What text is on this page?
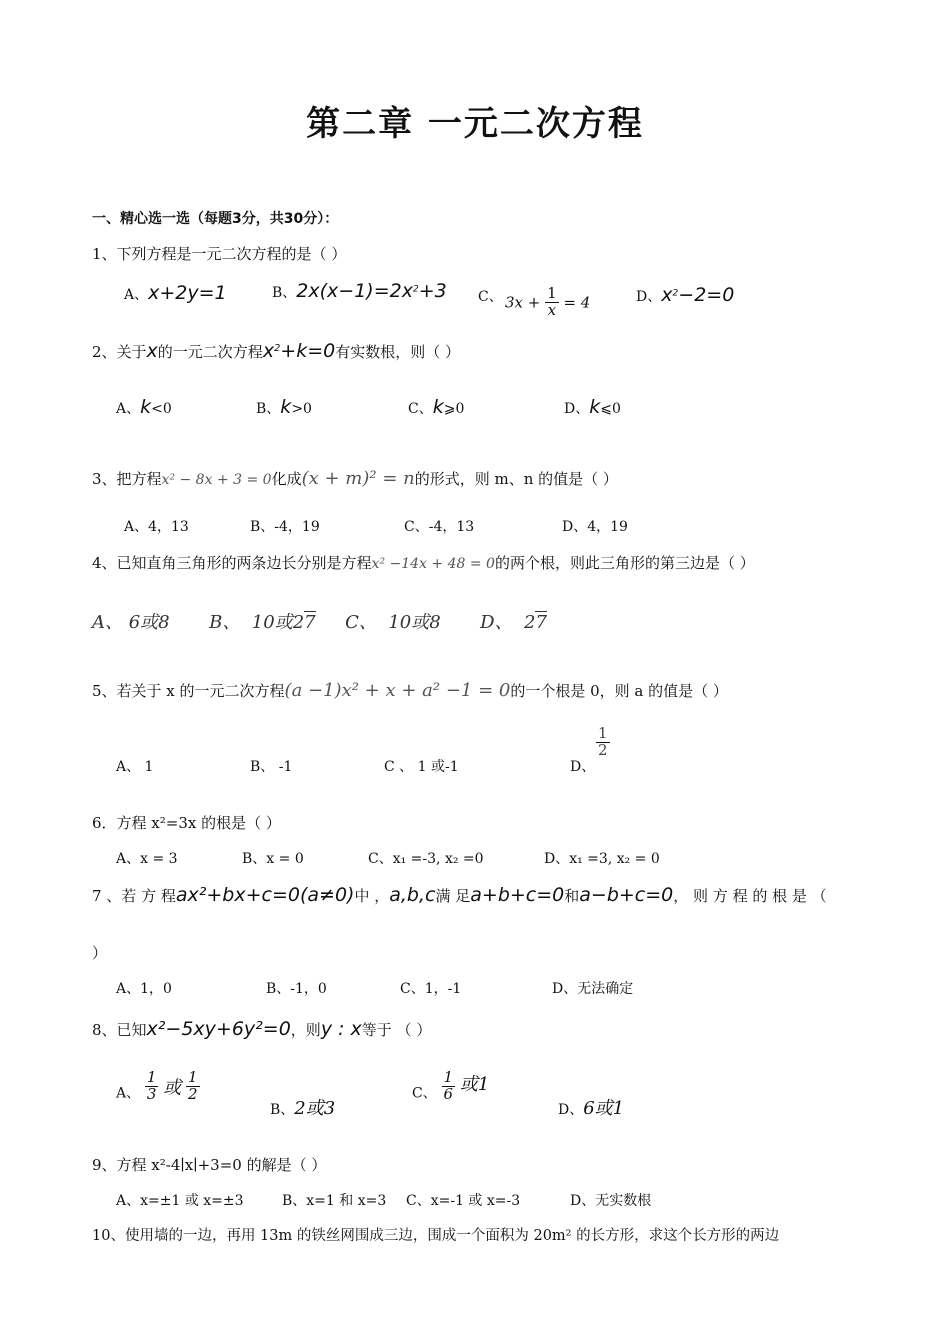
第二章 一元二次方程
一、精心选一选（每题3分，共30分）：
1、下列方程是一元二次方程的是（ ）
A、x+2y=1	B、$2x(x-1)=2x^2+3$ C、 $3x + \frac{1}{x} = 4$	D、$x^2-2=0$
2、关于x的一元二次方程$x^2+k=0$有实数根，则（ ）
A、k<0	B、k>0	C、k⩾0	D、k⩽0
3、把方程x² − 8x + 3 = 0化成(x + m)² = n的形式，则 m、n 的值是（ ）
A、4，13	B、-4，19	C、-4，13	D、4，19
4、已知直角三角形的两条边长分别是方程x² −14x + 48 = 0的两个根，则此三角形的第三边是（ ）
A、 6或8 B、 10或27 C、 10或8 D、 27
5、若关于 x 的一元二次方程(a −1)x² + x + a² −1 = 0的一个根是 0，则 a 的值是（ ）
A、 1	B、 -1	C 、 1 或-1	D、
$\frac{1}{2}$
6．方程 x²=3x 的根是（ ）
A、x = 3	B、x = 0	C、x₁ =-3, x₂ =0	D、x₁ =3, x₂ = 0
7 、若 方 程ax²+bx+c=0(a≠0)中 ，a,b,c满 足a+b+c=0和a−b+c=0， 则 方 程 的 根 是 （
）
A、1，0	B、-1，0	C、1，-1	D、无法确定
8、已知x²−5xy+6y²=0，则y : x等于 （ ）
A、 $\frac{1}{3}$ 或 $\frac{1}{2}$
B、2或3
C、 $\frac{1}{6}$ 或1
D、6或1
9、方程 x²-4∣x∣+3=0 的解是（ ）
A、x=±1 或 x=±3	B、x=1 和 x=3 C、x=-1 或 x=-3	D、无实数根
10、使用墙的一边，再用 13m 的铁丝网围成三边，围成一个面积为 20m² 的长方形，求这个长方形的两边
